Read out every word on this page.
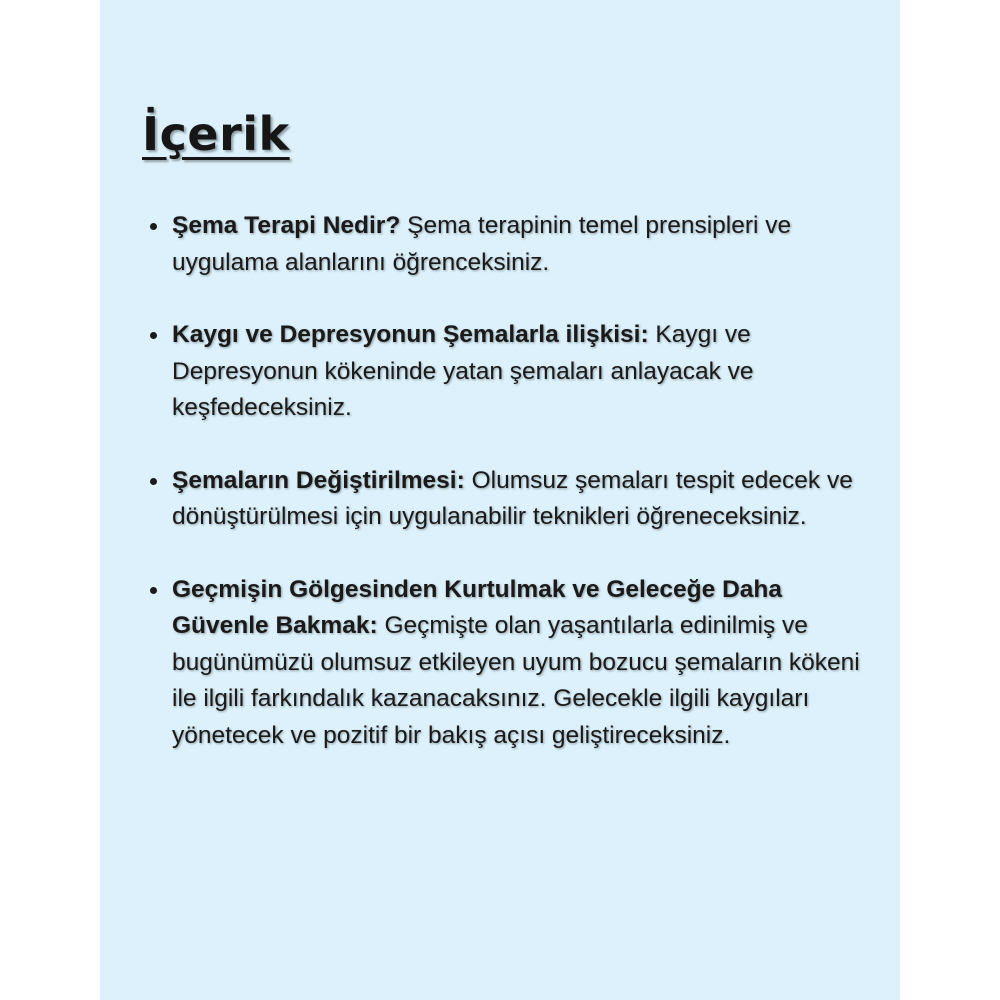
İçerik
Şema Terapi Nedir? Şema terapinin temel prensipleri ve uygulama alanlarını öğrenceksiniz.
Kaygı ve Depresyonun Şemalarla ilişkisi: Kaygı ve Depresyonun kökeninde yatan şemaları anlayacak ve keşfedeceksiniz.
Şemaların Değiştirilmesi: Olumsuz şemaları tespit edecek ve dönüştürülmesi için uygulanabilir teknikleri öğreneceksiniz.
Geçmişin Gölgesinden Kurtulmak ve Geleceğe Daha Güvenle Bakmak: Geçmişte olan yaşantılarla edinilmiş ve bugünümüzü olumsuz etkileyen uyum bozucu şemaların kökeni ile ilgili farkındalık kazanacaksınız. Gelecekle ilgili kaygıları yönetecek ve pozitif bir bakış açısı geliştireceksiniz.
